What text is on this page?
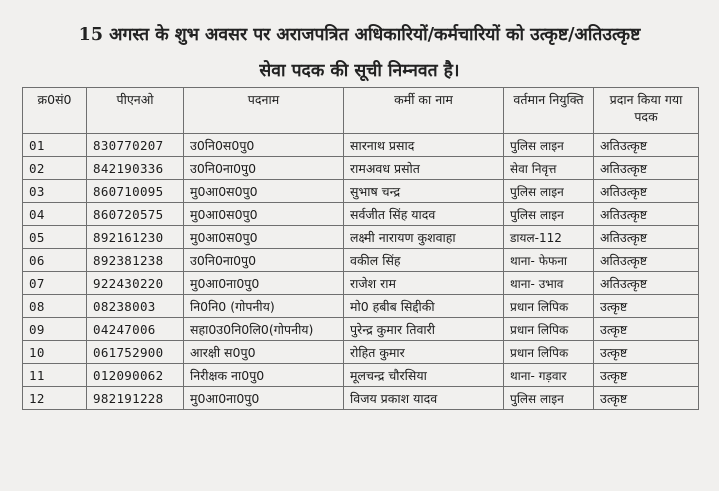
15 अगस्त के शुभ अवसर पर अराजपत्रित अधिकारियों/कर्मचारियों को उत्कृष्ट/अतिउत्कृष्ट
सेवा पदक की सूची निम्नवत है।
क्र0सं0	पीएनओ	पदनाम	कर्मी का नाम	वर्तमान नियुक्ति	प्रदान किया गया पदक
01	830770207	उ0नि0स0पु0	सारनाथ प्रसाद	पुलिस लाइन	अतिउत्कृष्ट
02	842190336	उ0नि0ना0पु0	रामअवध प्रसोत	सेवा निवृत्त	अतिउत्कृष्ट
03	860710095	मु0आ0स0पु0	सुभाष चन्द्र	पुलिस लाइन	अतिउत्कृष्ट
04	860720575	मु0आ0स0पु0	सर्वजीत सिंह यादव	पुलिस लाइन	अतिउत्कृष्ट
05	892161230	मु0आ0स0पु0	लक्ष्मी नारायण कुशवाहा	डायल-112	अतिउत्कृष्ट
06	892381238	उ0नि0ना0पु0	वकील सिंह	थाना- फेफना	अतिउत्कृष्ट
07	922430220	मु0आ0ना0पु0	राजेश राम	थाना- उभाव	अतिउत्कृष्ट
08	08238003	नि0नि0 (गोपनीय)	मो0 हबीब सिद्दीकी	प्रधान लिपिक	उत्कृष्ट
09	04247006	सहा0उ0नि0लि0(गोपनीय)	पुरेन्द्र कुमार तिवारी	प्रधान लिपिक	उत्कृष्ट
10	061752900	आरक्षी स0पु0	रोहित कुमार	प्रधान लिपिक	उत्कृष्ट
11	012090062	निरीक्षक ना0पु0	मूलचन्द्र चौरसिया	थाना- गड़वार	उत्कृष्ट
12	982191228	मु0आ0ना0पु0	विजय प्रकाश यादव	पुलिस लाइन	उत्कृष्ट
